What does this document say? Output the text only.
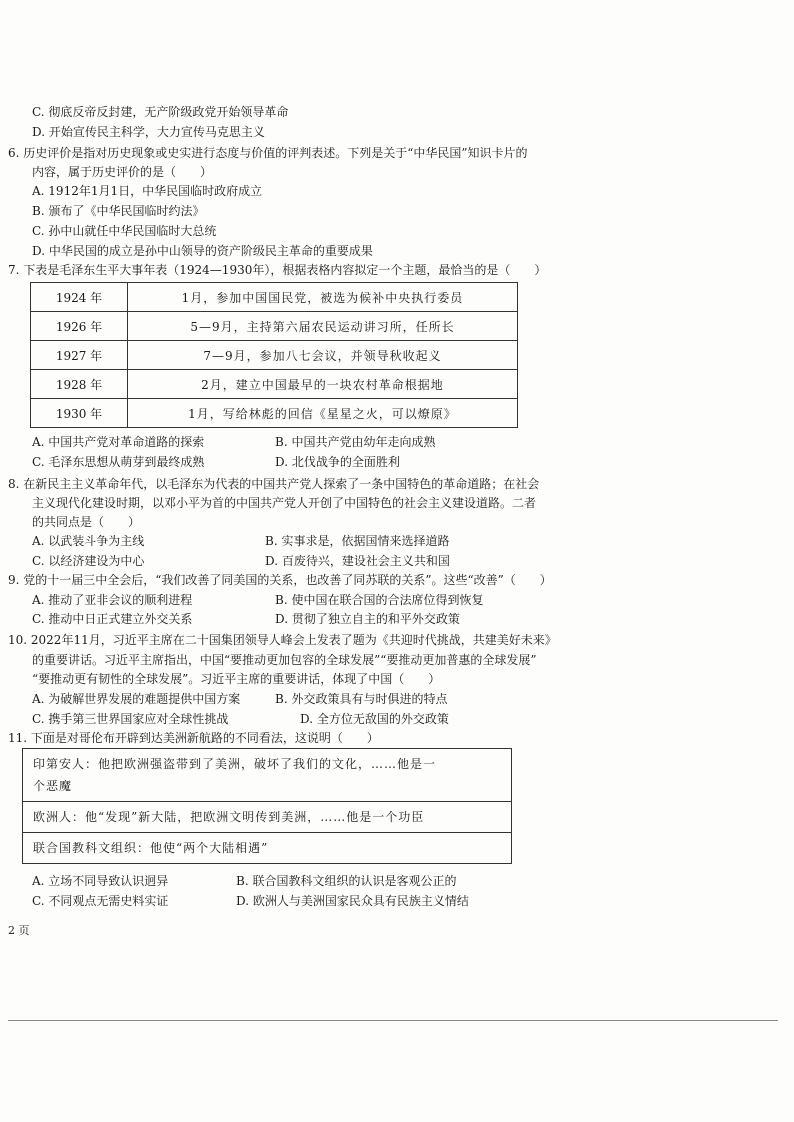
C. 彻底反帝反封建，无产阶级政党开始领导革命
D. 开始宣传民主科学，大力宣传马克思主义
6. 历史评价是指对历史现象或史实进行态度与价值的评判表述。下列是关于“中华民国”知识卡片的
内容，属于历史评价的是（　　）
A. 1912年1月1日，中华民国临时政府成立
B. 颁布了《中华民国临时约法》
C. 孙中山就任中华民国临时大总统
D. 中华民国的成立是孙中山领导的资产阶级民主革命的重要成果
7. 下表是毛泽东生平大事年表（1924—1930年），根据表格内容拟定一个主题，最恰当的是（　　）
1924 年	1月，参加中国国民党，被选为候补中央执行委员
1926 年	5—9月，主持第六届农民运动讲习所，任所长
1927 年	7—9月，参加八七会议，并领导秋收起义
1928 年	2月，建立中国最早的一块农村革命根据地
1930 年	1月，写给林彪的回信《星星之火，可以燎原》
A. 中国共产党对革命道路的探索	B. 中国共产党由幼年走向成熟
C. 毛泽东思想从萌芽到最终成熟	D. 北伐战争的全面胜利
8. 在新民主主义革命年代，以毛泽东为代表的中国共产党人探索了一条中国特色的革命道路；在社会
主义现代化建设时期，以邓小平为首的中国共产党人开创了中国特色的社会主义建设道路。二者
的共同点是（　　）
A. 以武装斗争为主线	B. 实事求是，依据国情来选择道路
C. 以经济建设为中心	D. 百废待兴，建设社会主义共和国
9. 党的十一届三中全会后，“我们改善了同美国的关系，也改善了同苏联的关系”。这些“改善”（　　）
A. 推动了亚非会议的顺利进程	B. 使中国在联合国的合法席位得到恢复
C. 推动中日正式建立外交关系	D. 贯彻了独立自主的和平外交政策
10. 2022年11月，习近平主席在二十国集团领导人峰会上发表了题为《共迎时代挑战，共建美好未来》
的重要讲话。习近平主席指出，中国“要推动更加包容的全球发展”“要推动更加普惠的全球发展”
“要推动更有韧性的全球发展”。习近平主席的重要讲话，体现了中国（　　）
A. 为破解世界发展的难题提供中国方案	B. 外交政策具有与时俱进的特点
C. 携手第三世界国家应对全球性挑战	D. 全方位无敌国的外交政策
11. 下面是对哥伦布开辟到达美洲新航路的不同看法，这说明（　　）
印第安人：他把欧洲强盗带到了美洲，破坏了我们的文化，……他是一
个恶魔
欧洲人：他“发现”新大陆，把欧洲文明传到美洲，……他是一个功臣
联合国教科文组织：他使“两个大陆相遇”
A. 立场不同导致认识迥异	B. 联合国教科文组织的认识是客观公正的
C. 不同观点无需史料实证	D. 欧洲人与美洲国家民众具有民族主义情结
2 页
